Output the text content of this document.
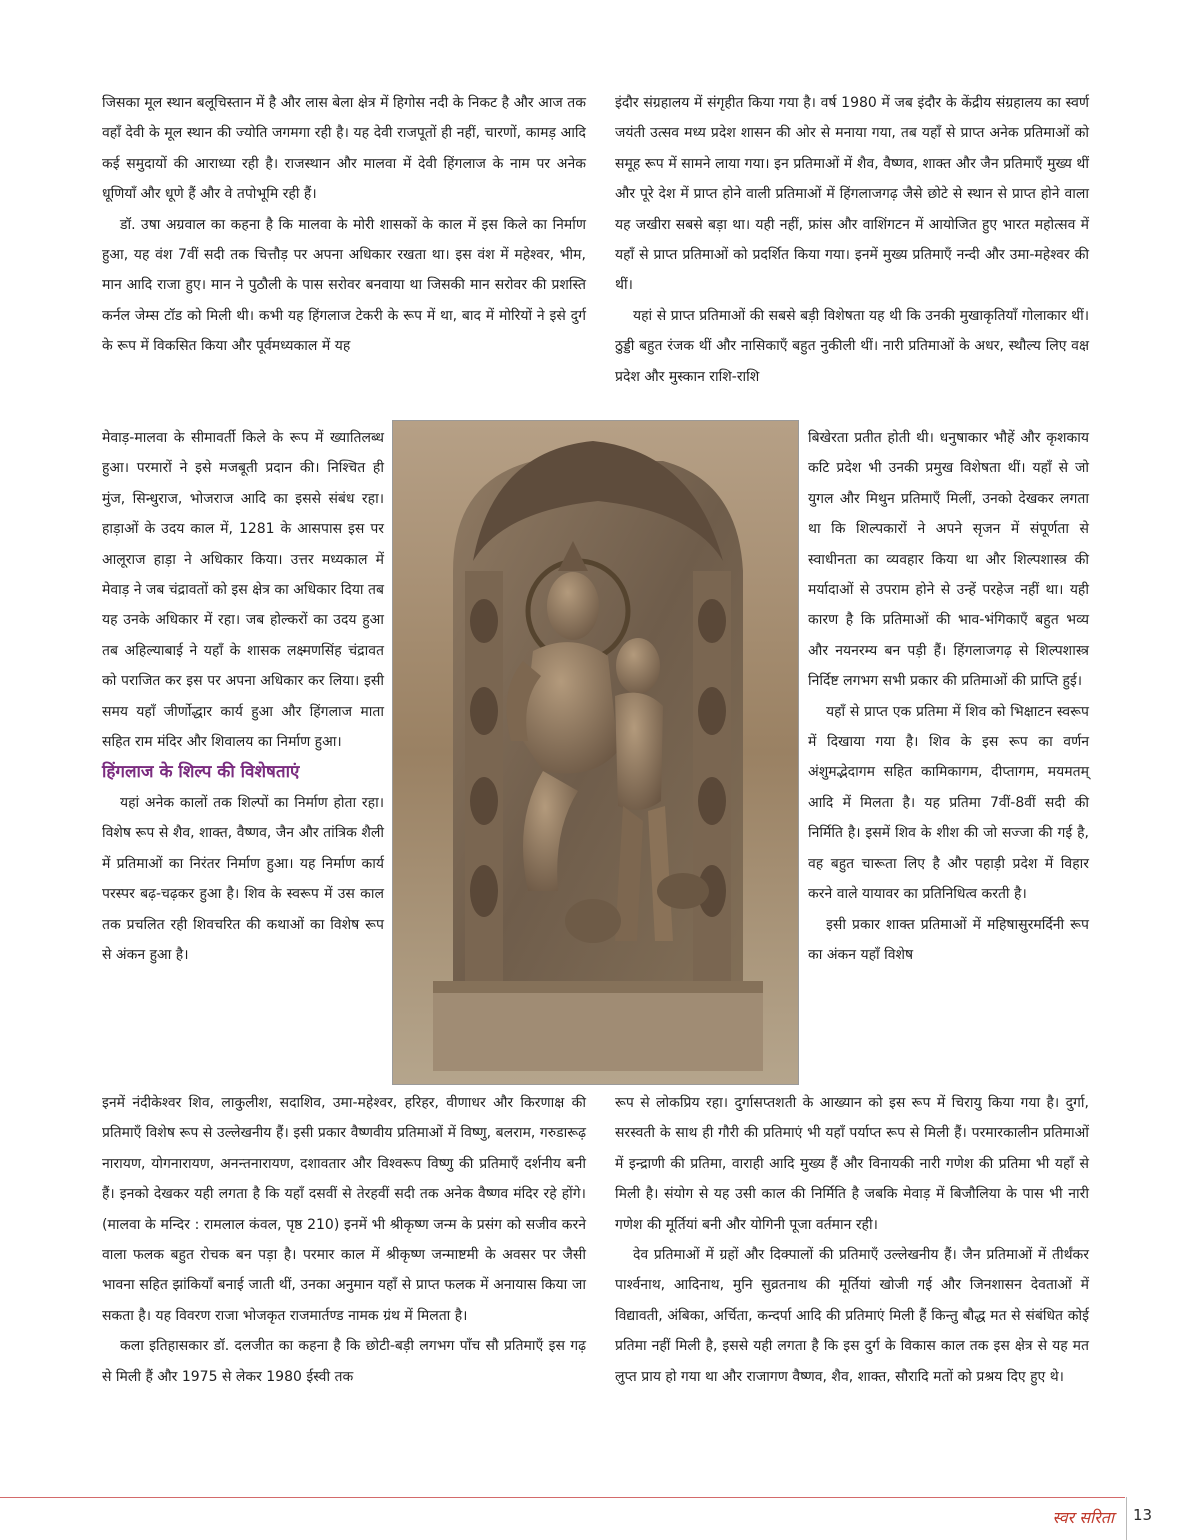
जिसका मूल स्थान बलूचिस्तान में है और लास बेला क्षेत्र में हिगोस नदी के निकट है और आज तक वहाँ देवी के मूल स्थान की ज्योति जगमगा रही है। यह देवी राजपूतों ही नहीं, चारणों, कामड़ आदि कई समुदायों की आराध्या रही है। राजस्थान और मालवा में देवी हिंगलाज के नाम पर अनेक धूणियाँ और धूणे हैं और वे तपोभूमि रही हैं।

डॉ. उषा अग्रवाल का कहना है कि मालवा के मोरी शासकों के काल में इस किले का निर्माण हुआ, यह वंश 7वीं सदी तक चित्तौड़ पर अपना अधिकार रखता था। इस वंश में महेश्वर, भीम, मान आदि राजा हुए। मान ने पुठौली के पास सरोवर बनवाया था जिसकी मान सरोवर की प्रशस्ति कर्नल जेम्स टॉड को मिली थी। कभी यह हिंगलाज टेकरी के रूप में था, बाद में मोरियों ने इसे दुर्ग के रूप में विकसित किया और पूर्वमध्यकाल में यह

मेवाड़-मालवा के सीमावर्ती किले के रूप में ख्यातिलब्ध हुआ। परमारों ने इसे मजबूती प्रदान की। निश्चित ही मुंज, सिन्धुराज, भोजराज आदि का इससे संबंध रहा। हाड़ाओं के उदय काल में, 1281 के आसपास इस पर आलूराज हाड़ा ने अधिकार किया। उत्तर मध्यकाल में मेवाड़ ने जब चंद्रावतों को इस क्षेत्र का अधिकार दिया तब यह उनके अधिकार में रहा। जब होल्करों का उदय हुआ तब अहिल्याबाई ने यहाँ के शासक लक्ष्मणसिंह चंद्रावत को पराजित कर इस पर अपना अधिकार कर लिया। इसी समय यहाँ जीर्णोद्धार कार्य हुआ और हिंगलाज माता सहित राम मंदिर और शिवालय का निर्माण हुआ।

हिंगलाज के शिल्प की विशेषताएं

यहां अनेक कालों तक शिल्पों का निर्माण होता रहा। विशेष रूप से शैव, शाक्त, वैष्णव, जैन और तांत्रिक शैली में प्रतिमाओं का निरंतर निर्माण हुआ। यह निर्माण कार्य परस्पर बढ़-चढ़कर हुआ है। शिव के स्वरूप में उस काल तक प्रचलित रही शिवचरित की कथाओं का विशेष रूप से अंकन हुआ है।

इनमें नंदीकेश्वर शिव, लाकुलीश, सदाशिव, उमा-महेश्वर, हरिहर, वीणाधर और किरणाक्ष की प्रतिमाएँ विशेष रूप से उल्लेखनीय हैं। इसी प्रकार वैष्णवीय प्रतिमाओं में विष्णु, बलराम, गरुडारूढ़ नारायण, योगनारायण, अनन्तनारायण, दशावतार और विश्वरूप विष्णु की प्रतिमाएँ दर्शनीय बनी हैं। इनको देखकर यही लगता है कि यहाँ दसवीं से तेरहवीं सदी तक अनेक वैष्णव मंदिर रहे होंगे। (मालवा के मन्दिर : रामलाल कंवल, पृष्ठ 210) इनमें भी श्रीकृष्ण जन्म के प्रसंग को सजीव करने वाला फलक बहुत रोचक बन पड़ा है। परमार काल में श्रीकृष्ण जन्माष्टमी के अवसर पर जैसी भावना सहित झांकियाँ बनाई जाती थीं, उनका अनुमान यहाँ से प्राप्त फलक में अनायास किया जा सकता है। यह विवरण राजा भोजकृत राजमार्तण्ड नामक ग्रंथ में मिलता है।

कला इतिहासकार डॉ. दलजीत का कहना है कि छोटी-बड़ी लगभग पाँच सौ प्रतिमाएँ इस गढ़ से मिली हैं और 1975 से लेकर 1980 ईस्वी तक

इंदौर संग्रहालय में संगृहीत किया गया है। वर्ष 1980 में जब इंदौर के केंद्रीय संग्रहालय का स्वर्ण जयंती उत्सव मध्य प्रदेश शासन की ओर से मनाया गया, तब यहाँ से प्राप्त अनेक प्रतिमाओं को समूह रूप में सामने लाया गया। इन प्रतिमाओं में शैव, वैष्णव, शाक्त और जैन प्रतिमाएँ मुख्य थीं और पूरे देश में प्राप्त होने वाली प्रतिमाओं में हिंगलाजगढ़ जैसे छोटे से स्थान से प्राप्त होने वाला यह जखीरा सबसे बड़ा था। यही नहीं, फ्रांस और वाशिंगटन में आयोजित हुए भारत महोत्सव में यहाँ से प्राप्त प्रतिमाओं को प्रदर्शित किया गया। इनमें मुख्य प्रतिमाएँ नन्दी और उमा-महेश्वर की थीं।

यहां से प्राप्त प्रतिमाओं की सबसे बड़ी विशेषता यह थी कि उनकी मुखाकृतियाँ गोलाकार थीं। ठुड्डी बहुत रंजक थीं और नासिकाएँ बहुत नुकीली थीं। नारी प्रतिमाओं के अधर, स्थौल्य लिए वक्ष प्रदेश और मुस्कान राशि-राशि

बिखेरता प्रतीत होती थी। धनुषाकार भौहें और कृशकाय कटि प्रदेश भी उनकी प्रमुख विशेषता थीं। यहाँ से जो युगल और मिथुन प्रतिमाएँ मिलीं, उनको देखकर लगता था कि शिल्पकारों ने अपने सृजन में संपूर्णता से स्वाधीनता का व्यवहार किया था और शिल्पशास्त्र की मर्यादाओं से उपराम होने से उन्हें परहेज नहीं था। यही कारण है कि प्रतिमाओं की भाव-भंगिकाएँ बहुत भव्य और नयनरम्य बन पड़ी हैं। हिंगलाजगढ़ से शिल्पशास्त्र निर्दिष्ट लगभग सभी प्रकार की प्रतिमाओं की प्राप्ति हुई।

यहाँ से प्राप्त एक प्रतिमा में शिव को भिक्षाटन स्वरूप में दिखाया गया है। शिव के इस रूप का वर्णन अंशुमद्भेदागम सहित कामिकागम, दीप्तागम, मयमतम् आदि में मिलता है। यह प्रतिमा 7वीं-8वीं सदी की निर्मिति है। इसमें शिव के शीश की जो सज्जा की गई है, वह बहुत चारूता लिए है और पहाड़ी प्रदेश में विहार करने वाले यायावर का प्रतिनिधित्व करती है।

इसी प्रकार शाक्त प्रतिमाओं में महिषासुरमर्दिनी रूप का अंकन यहाँ विशेष

रूप से लोकप्रिय रहा। दुर्गासप्तशती के आख्यान को इस रूप में चिरायु किया गया है। दुर्गा, सरस्वती के साथ ही गौरी की प्रतिमाएं भी यहाँ पर्याप्त रूप से मिली हैं। परमारकालीन प्रतिमाओं में इन्द्राणी की प्रतिमा, वाराही आदि मुख्य हैं और विनायकी नारी गणेश की प्रतिमा भी यहाँ से मिली है। संयोग से यह उसी काल की निर्मिति है जबकि मेवाड़ में बिजौलिया के पास भी नारी गणेश की मूर्तियां बनी और योगिनी पूजा वर्तमान रही।

देव प्रतिमाओं में ग्रहों और दिक्पालों की प्रतिमाएँ उल्लेखनीय हैं। जैन प्रतिमाओं में तीर्थंकर पार्श्वनाथ, आदिनाथ, मुनि सुव्रतनाथ की मूर्तियां खोजी गई और जिनशासन देवताओं में विद्यावती, अंबिका, अर्चिता, कन्दर्पा आदि की प्रतिमाएं मिली हैं किन्तु बौद्ध मत से संबंधित कोई प्रतिमा नहीं मिली है, इससे यही लगता है कि इस दुर्ग के विकास काल तक इस क्षेत्र से यह मत लुप्त प्राय हो गया था और राजागण वैष्णव, शैव, शाक्त, सौरादि मतों को प्रश्रय दिए हुए थे।

स्वर सरिता 13
